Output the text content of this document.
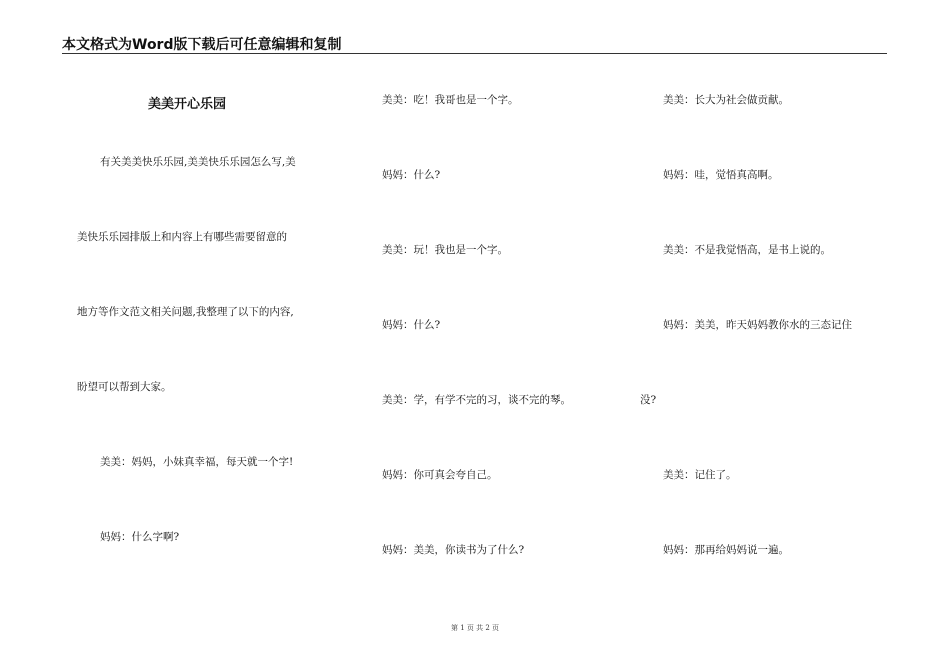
本文格式为Word版下载后可任意编辑和复制
美美开心乐园
有关美美快乐乐园,美美快乐乐园怎么写,美
美快乐乐园排版上和内容上有哪些需要留意的
地方等作文范文相关问题,我整理了以下的内容,
盼望可以帮到大家。
美美：妈妈，小妹真幸福，每天就一个字!
妈妈：什么字啊?
美美：吃！我哥也是一个字。
妈妈：什么?
美美：玩！我也是一个字。
妈妈：什么?
美美：学，有学不完的习，谈不完的琴。
妈妈：你可真会夸自己。
妈妈：美美，你读书为了什么?
美美：长大为社会做贡献。
妈妈：哇，觉悟真高啊。
美美：不是我觉悟高，是书上说的。
妈妈：美美，昨天妈妈教你水的三态记住
没?
美美：记住了。
妈妈：那再给妈妈说一遍。
第 1 页 共 2 页
